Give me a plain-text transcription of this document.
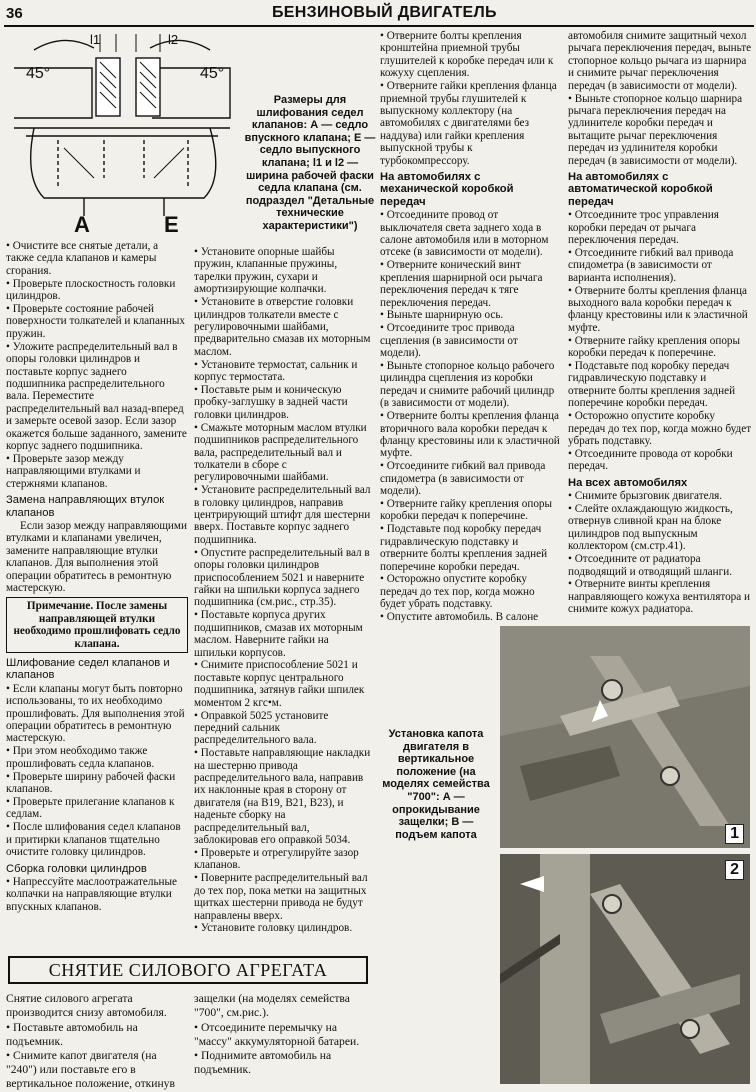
36	БЕНЗИНОВЫЙ ДВИГАТЕЛЬ
l1	l2
45°	45°
A	E
Размеры для шлифования седел клапанов: А — седло впускного клапана; Е — седло выпускного клапана; l1 и l2 — ширина рабочей фаски седла клапана (см. подраздел "Детальные технические характеристики")

• Очистите все снятые детали, а также седла клапанов и камеры сгорания.

• Проверьте плоскостность головки цилиндров.

• Проверьте состояние рабочей поверхности толкателей и клапанных пружин.

• Уложите распределительный вал в опоры головки цилиндров и поставьте корпус заднего подшипника распределительного вала. Переместите распределительный вал назад-вперед и замерьте осевой зазор. Если зазор окажется больше заданного, замените корпус заднего подшипника.

• Проверьте зазор между направляющими втулками и стержнями клапанов.

Замена направляющих втулок клапанов

Если зазор между направляющими втулками и клапанами увеличен, замените направляющие втулки клапанов. Для выполнения этой операции обратитесь в ремонтную мастерскую.

Примечание. После замены направляющей втулки необходимо прошлифовать седло клапана.
Шлифование седел клапанов и клапанов

• Если клапаны могут быть повторно использованы, то их необходимо прошлифовать. Для выполнения этой операции обратитесь в ремонтную мастерскую.

• При этом необходимо также прошлифовать седла клапанов.

• Проверьте ширину рабочей фаски клапанов.

• Проверьте прилегание клапанов к седлам.

• После шлифования седел клапанов и притирки клапанов тщательно очистите головку цилиндров.

Сборка головки цилиндров

• Напрессуйте маслоотражательные колпачки на направляющие втулки впускных клапанов.

• Установите опорные шайбы пружин, клапанные пружины, тарелки пружин, сухари и амортизирующие колпачки.

• Установите в отверстие головки цилиндров толкатели вместе с регулировочными шайбами, предварительно смазав их моторным маслом.

• Установите термостат, сальник и корпус термостата.

• Поставьте рым и коническую пробку-заглушку в задней части головки цилиндров.

• Смажьте моторным маслом втулки подшипников распределительного вала, распределительный вал и толкатели в сборе с регулировочными шайбами.

• Установите распределительный вал в головку цилиндров, направив центрирующий штифт для шестерни вверх. Поставьте корпус заднего подшипника.

• Опустите распределительный вал в опоры головки цилиндров приспособлением 5021 и наверните гайки на шпильки корпуса заднего подшипника (см.рис., стр.35).

• Поставьте корпуса других подшипников, смазав их моторным маслом. Наверните гайки на шпильки корпусов.

• Снимите приспособление 5021 и поставьте корпус центрального подшипника, затянув гайки шпилек моментом 2 кгс•м.

• Оправкой 5025 установите передний сальник распределительного вала.

• Поставьте направляющие накладки на шестерню привода распределительного вала, направив их наклонные края в сторону от двигателя (на B19, B21, B23), и наденьте сборку на распределительный вал, заблокировав его оправкой 5034.

• Проверьте и отрегулируйте зазор клапанов.

• Поверните распределительный вал до тех пор, пока метки на защитных щитках шестерни привода не будут направлены вверх.

• Установите головку цилиндров.

• Отверните болты крепления кронштейна приемной трубы глушителей к коробке передач или к кожуху сцепления.

• Отверните гайки крепления фланца приемной трубы глушителей к выпускному коллектору (на автомобилях с двигателями без наддува) или гайки крепления выпускной трубы к турбокомпрессору.

На автомобилях с механической коробкой передач

• Отсоедините провод от выключателя света заднего хода в салоне автомобиля или в моторном отсеке (в зависимости от модели).

• Отверните конический винт крепления шарнирной оси рычага переключения передач к тяге переключения передач.

• Выньте шарнирную ось.

• Отсоедините трос привода сцепления (в зависимости от модели).

• Выньте стопорное кольцо рабочего цилиндра сцепления из коробки передач и снимите рабочий цилиндр (в зависимости от модели).

• Отверните болты крепления фланца вторичного вала коробки передач к фланцу крестовины или к эластичной муфте.

• Отсоедините гибкий вал привода спидометра (в зависимости от модели).

• Отверните гайку крепления опоры коробки передач к поперечине.

• Подставьте под коробку передач гидравлическую подставку и отверните болты крепления задней поперечине коробки передач.

• Осторожно опустите коробку передач до тех пор, когда можно будет убрать подставку.

• Опустите автомобиль. В салоне

автомобиля снимите защитный чехол рычага переключения передач, выньте стопорное кольцо рычага из шарнира и снимите рычаг переключения передач (в зависимости от модели).

• Выньте стопорное кольцо шарнира рычага переключения передач на удлинителе коробки передач и вытащите рычаг переключения передач из удлинителя коробки передач (в зависимости от модели).

На автомобилях с автоматической коробкой передач

• Отсоедините трос управления коробки передач от рычага переключения передач.

• Отсоедините гибкий вал привода спидометра (в зависимости от варианта исполнения).

• Отверните болты крепления фланца выходного вала коробки передач к фланцу крестовины или к эластичной муфте.

• Отверните гайку крепления опоры коробки передач к поперечине.

• Подставьте под коробку передач гидравлическую подставку и отверните болты крепления задней поперечине коробки передач.

• Осторожно опустите коробку передач до тех пор, когда можно будет убрать подставку.

• Отсоедините провода от коробки передач.

На всех автомобилях

• Снимите брызговик двигателя.

• Слейте охлаждающую жидкость, отвернув сливной кран на блоке цилиндров под выпускным коллектором (см.стр.41).

• Отсоедините от радиатора подводящий и отводящий шланги.

• Отверните винты крепления направляющего кожуха вентилятора и снимите кожух радиатора.

Установка капота двигателя в вертикальное положение (на моделях семейства "700": А — опрокидывание защелки; В — подъем капота	1
2
СНЯТИЕ СИЛОВОГО АГРЕГАТА

Снятие силового агрегата производится снизу автомобиля.

• Поставьте автомобиль на подъемник.

• Снимите капот двигателя (на "240") или поставьте его в вертикальное положение, откинув

защелки (на моделях семейства "700", см.рис.).

• Отсоедините перемычку на "массу" аккумуляторной батареи.

• Поднимите автомобиль на подъемник.
